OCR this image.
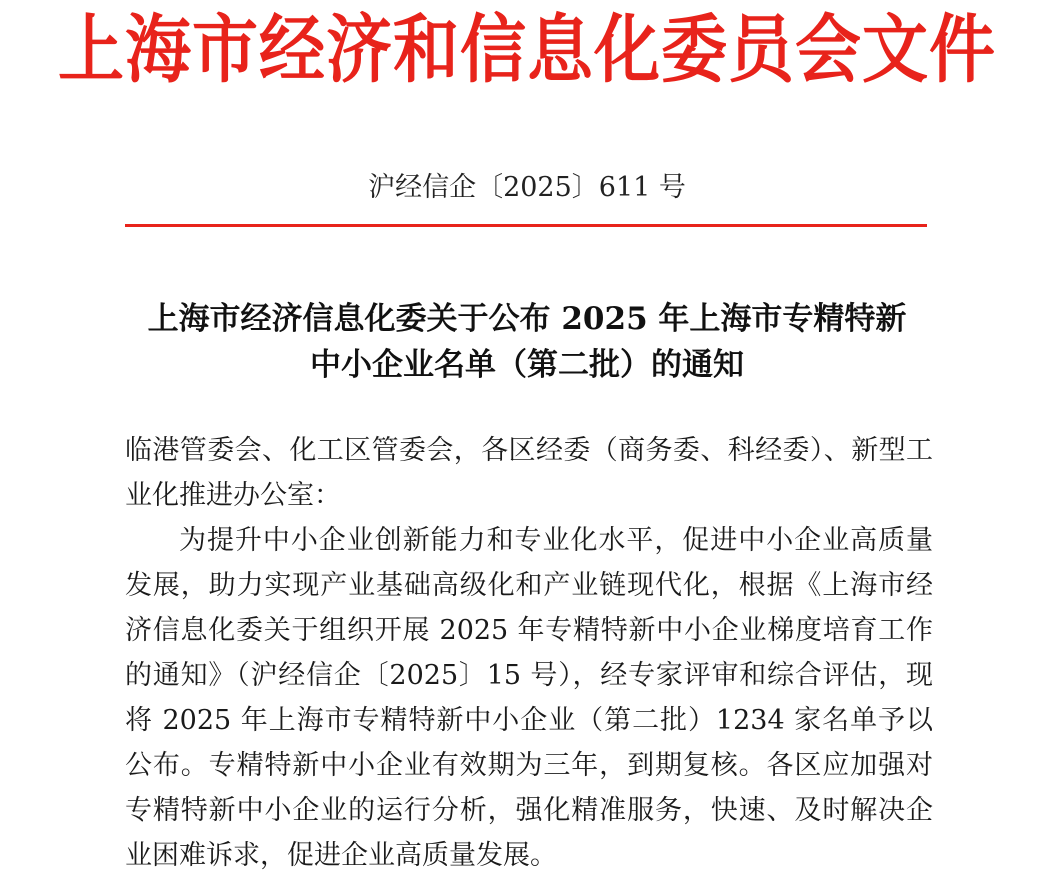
上海市经济和信息化委员会文件
沪经信企〔2025〕611 号
上海市经济信息化委关于公布 2025 年上海市专精特新
中小企业名单（第二批）的通知

临港管委会、化工区管委会，各区经委（商务委、科经委）、新型工业化推进办公室：

为提升中小企业创新能力和专业化水平，促进中小企业高质量发展，助力实现产业基础高级化和产业链现代化，根据《上海市经济信息化委关于组织开展 2025 年专精特新中小企业梯度培育工作的通知》（沪经信企〔2025〕15 号），经专家评审和综合评估，现将 2025 年上海市专精特新中小企业（第二批）1234 家名单予以公布。专精特新中小企业有效期为三年，到期复核。各区应加强对专精特新中小企业的运行分析，强化精准服务，快速、及时解决企业困难诉求，促进企业高质量发展。
